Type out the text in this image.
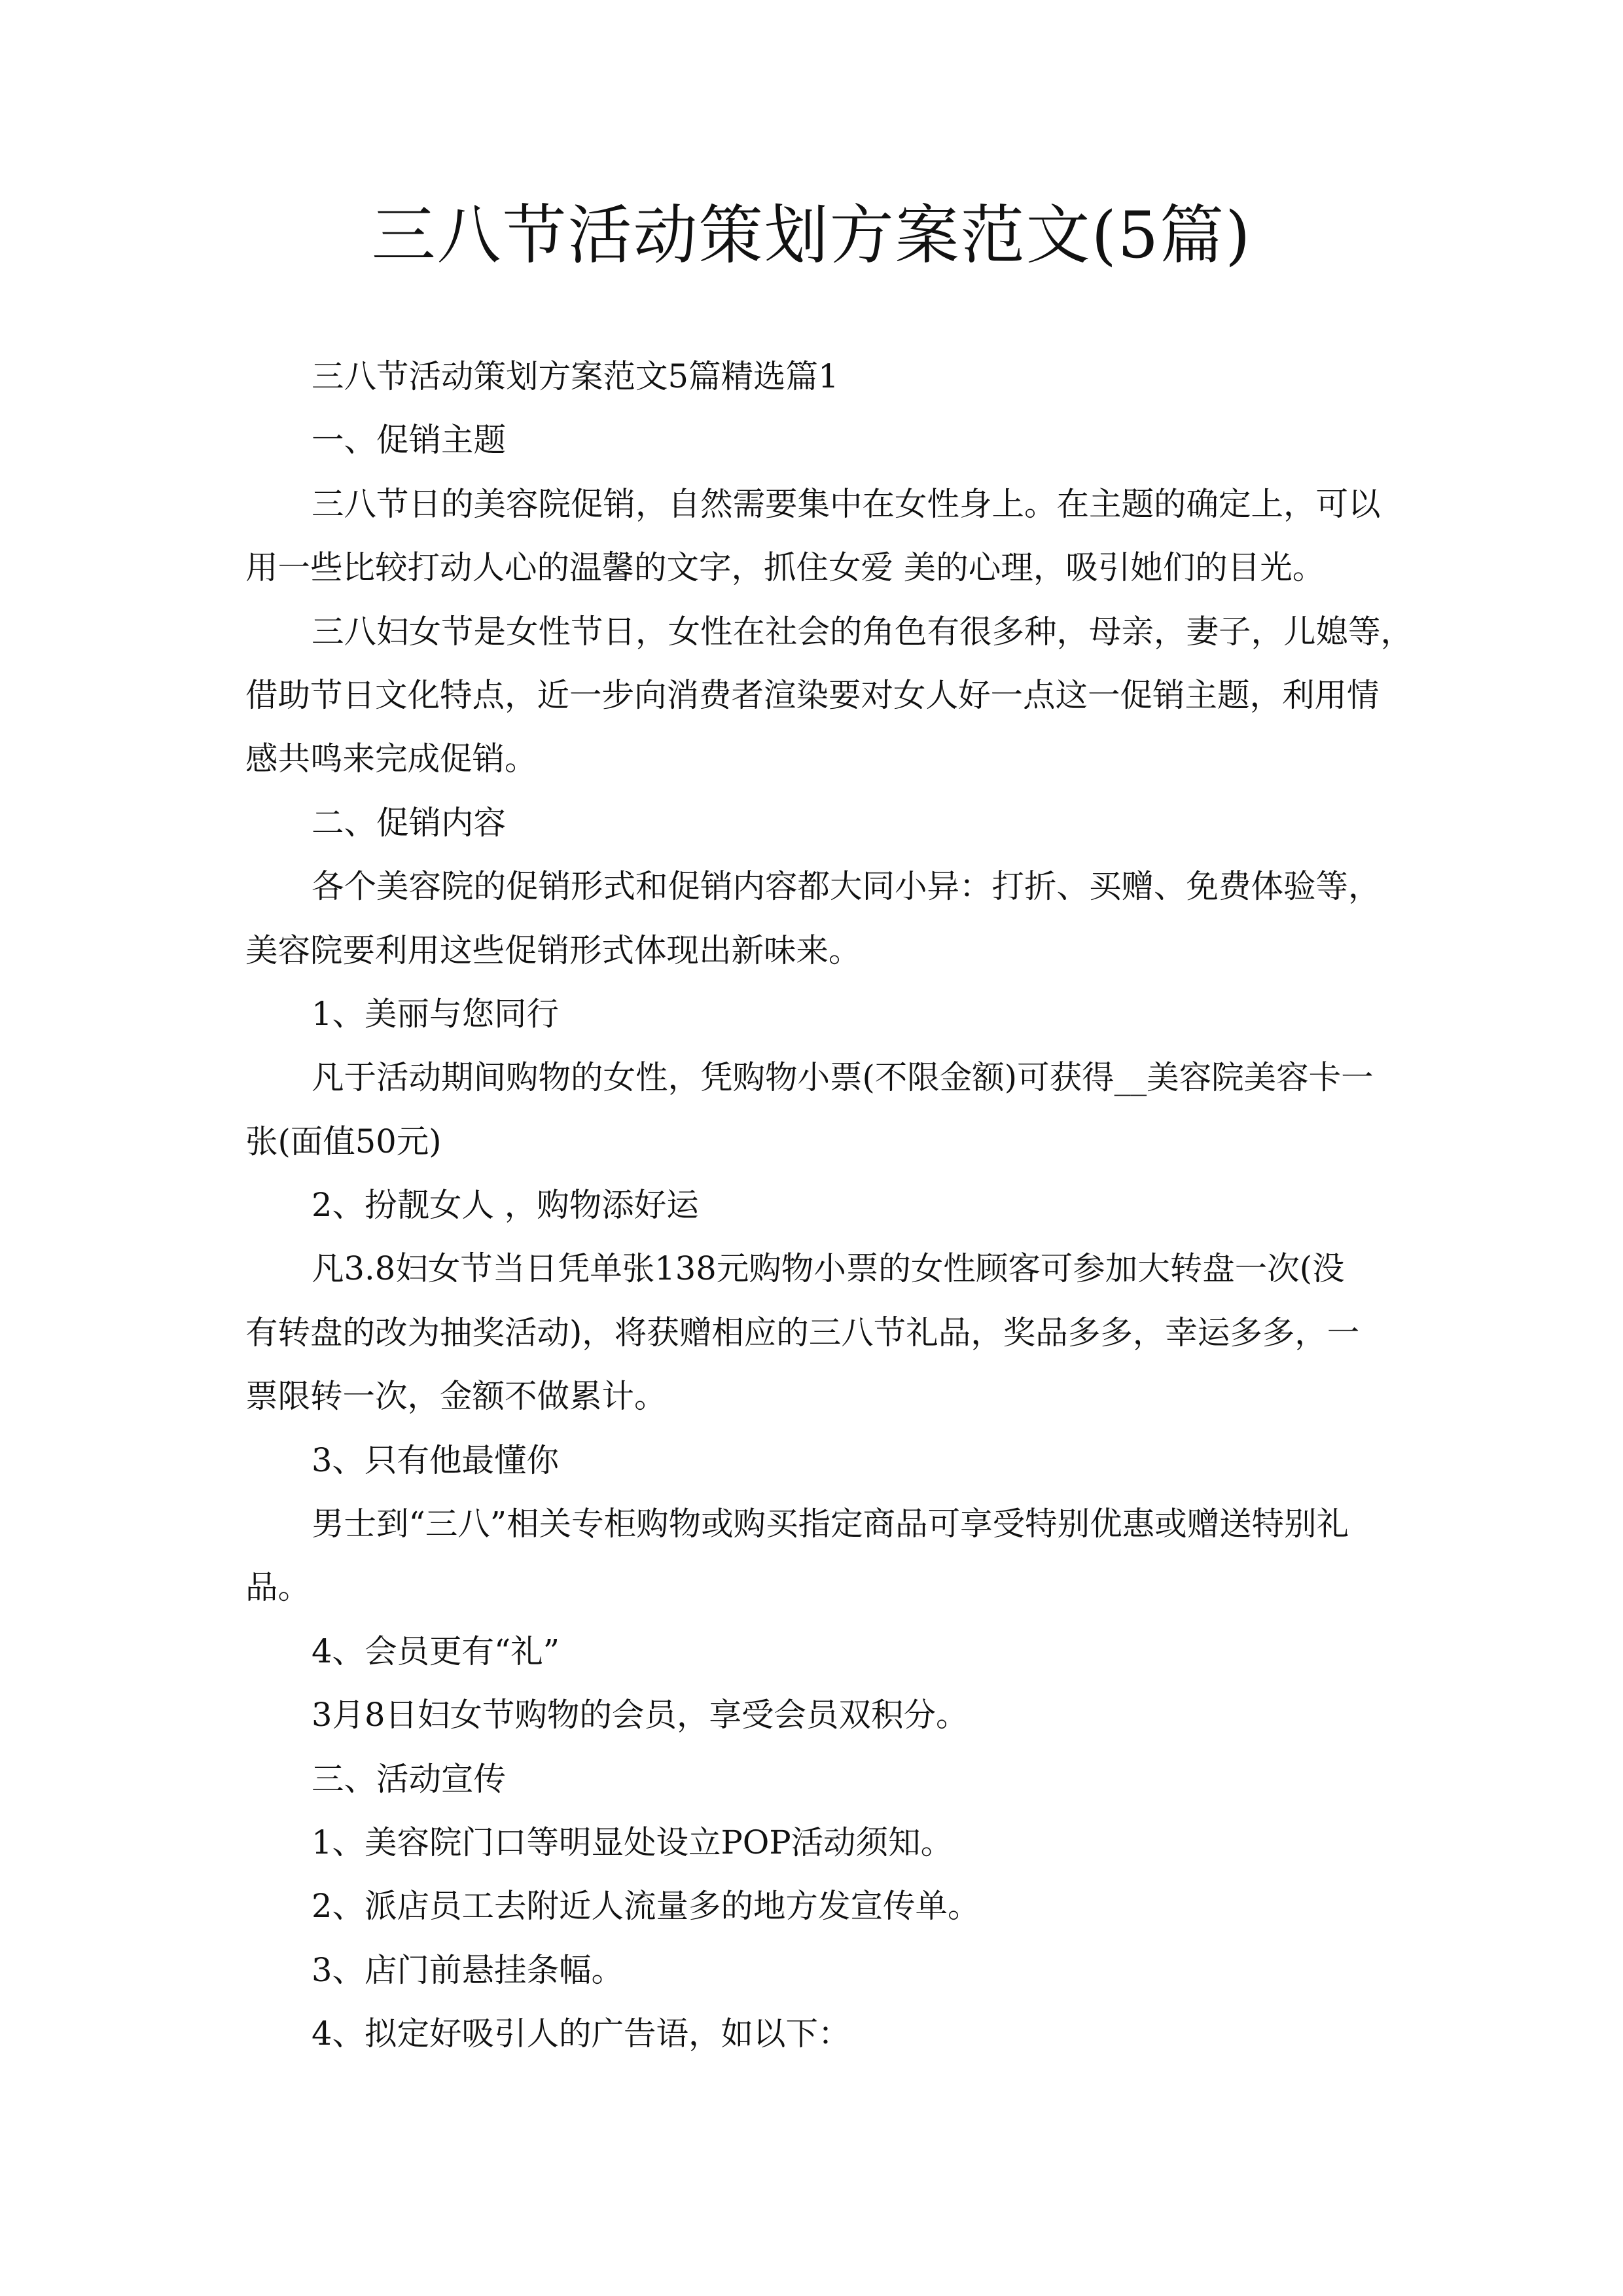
三八节活动策划方案范文(5篇)
三八节活动策划方案范文5篇精选篇1
一、促销主题
三八节日的美容院促销，自然需要集中在女性身上。在主题的确定上，可以
用一些比较打动人心的温馨的文字，抓住女爱 美的心理，吸引她们的目光。
三八妇女节是女性节日，女性在社会的角色有很多种，母亲，妻子，儿媳等，
借助节日文化特点，近一步向消费者渲染要对女人好一点这一促销主题，利用情
感共鸣来完成促销。
二、促销内容
各个美容院的促销形式和促销内容都大同小异：打折、买赠、免费体验等，
美容院要利用这些促销形式体现出新味来。
1、美丽与您同行
凡于活动期间购物的女性，凭购物小票(不限金额)可获得__美容院美容卡一
张(面值50元)
2、扮靓女人 ，购物添好运
凡3.8妇女节当日凭单张138元购物小票的女性顾客可参加大转盘一次(没
有转盘的改为抽奖活动)，将获赠相应的三八节礼品，奖品多多，幸运多多，一
票限转一次，金额不做累计。
3、只有他最懂你
男士到“三八”相关专柜购物或购买指定商品可享受特别优惠或赠送特别礼
品。
4、会员更有“礼”
3月8日妇女节购物的会员，享受会员双积分。
三、活动宣传
1、美容院门口等明显处设立POP活动须知。
2、派店员工去附近人流量多的地方发宣传单。
3、店门前悬挂条幅。
4、拟定好吸引人的广告语，如以下：
